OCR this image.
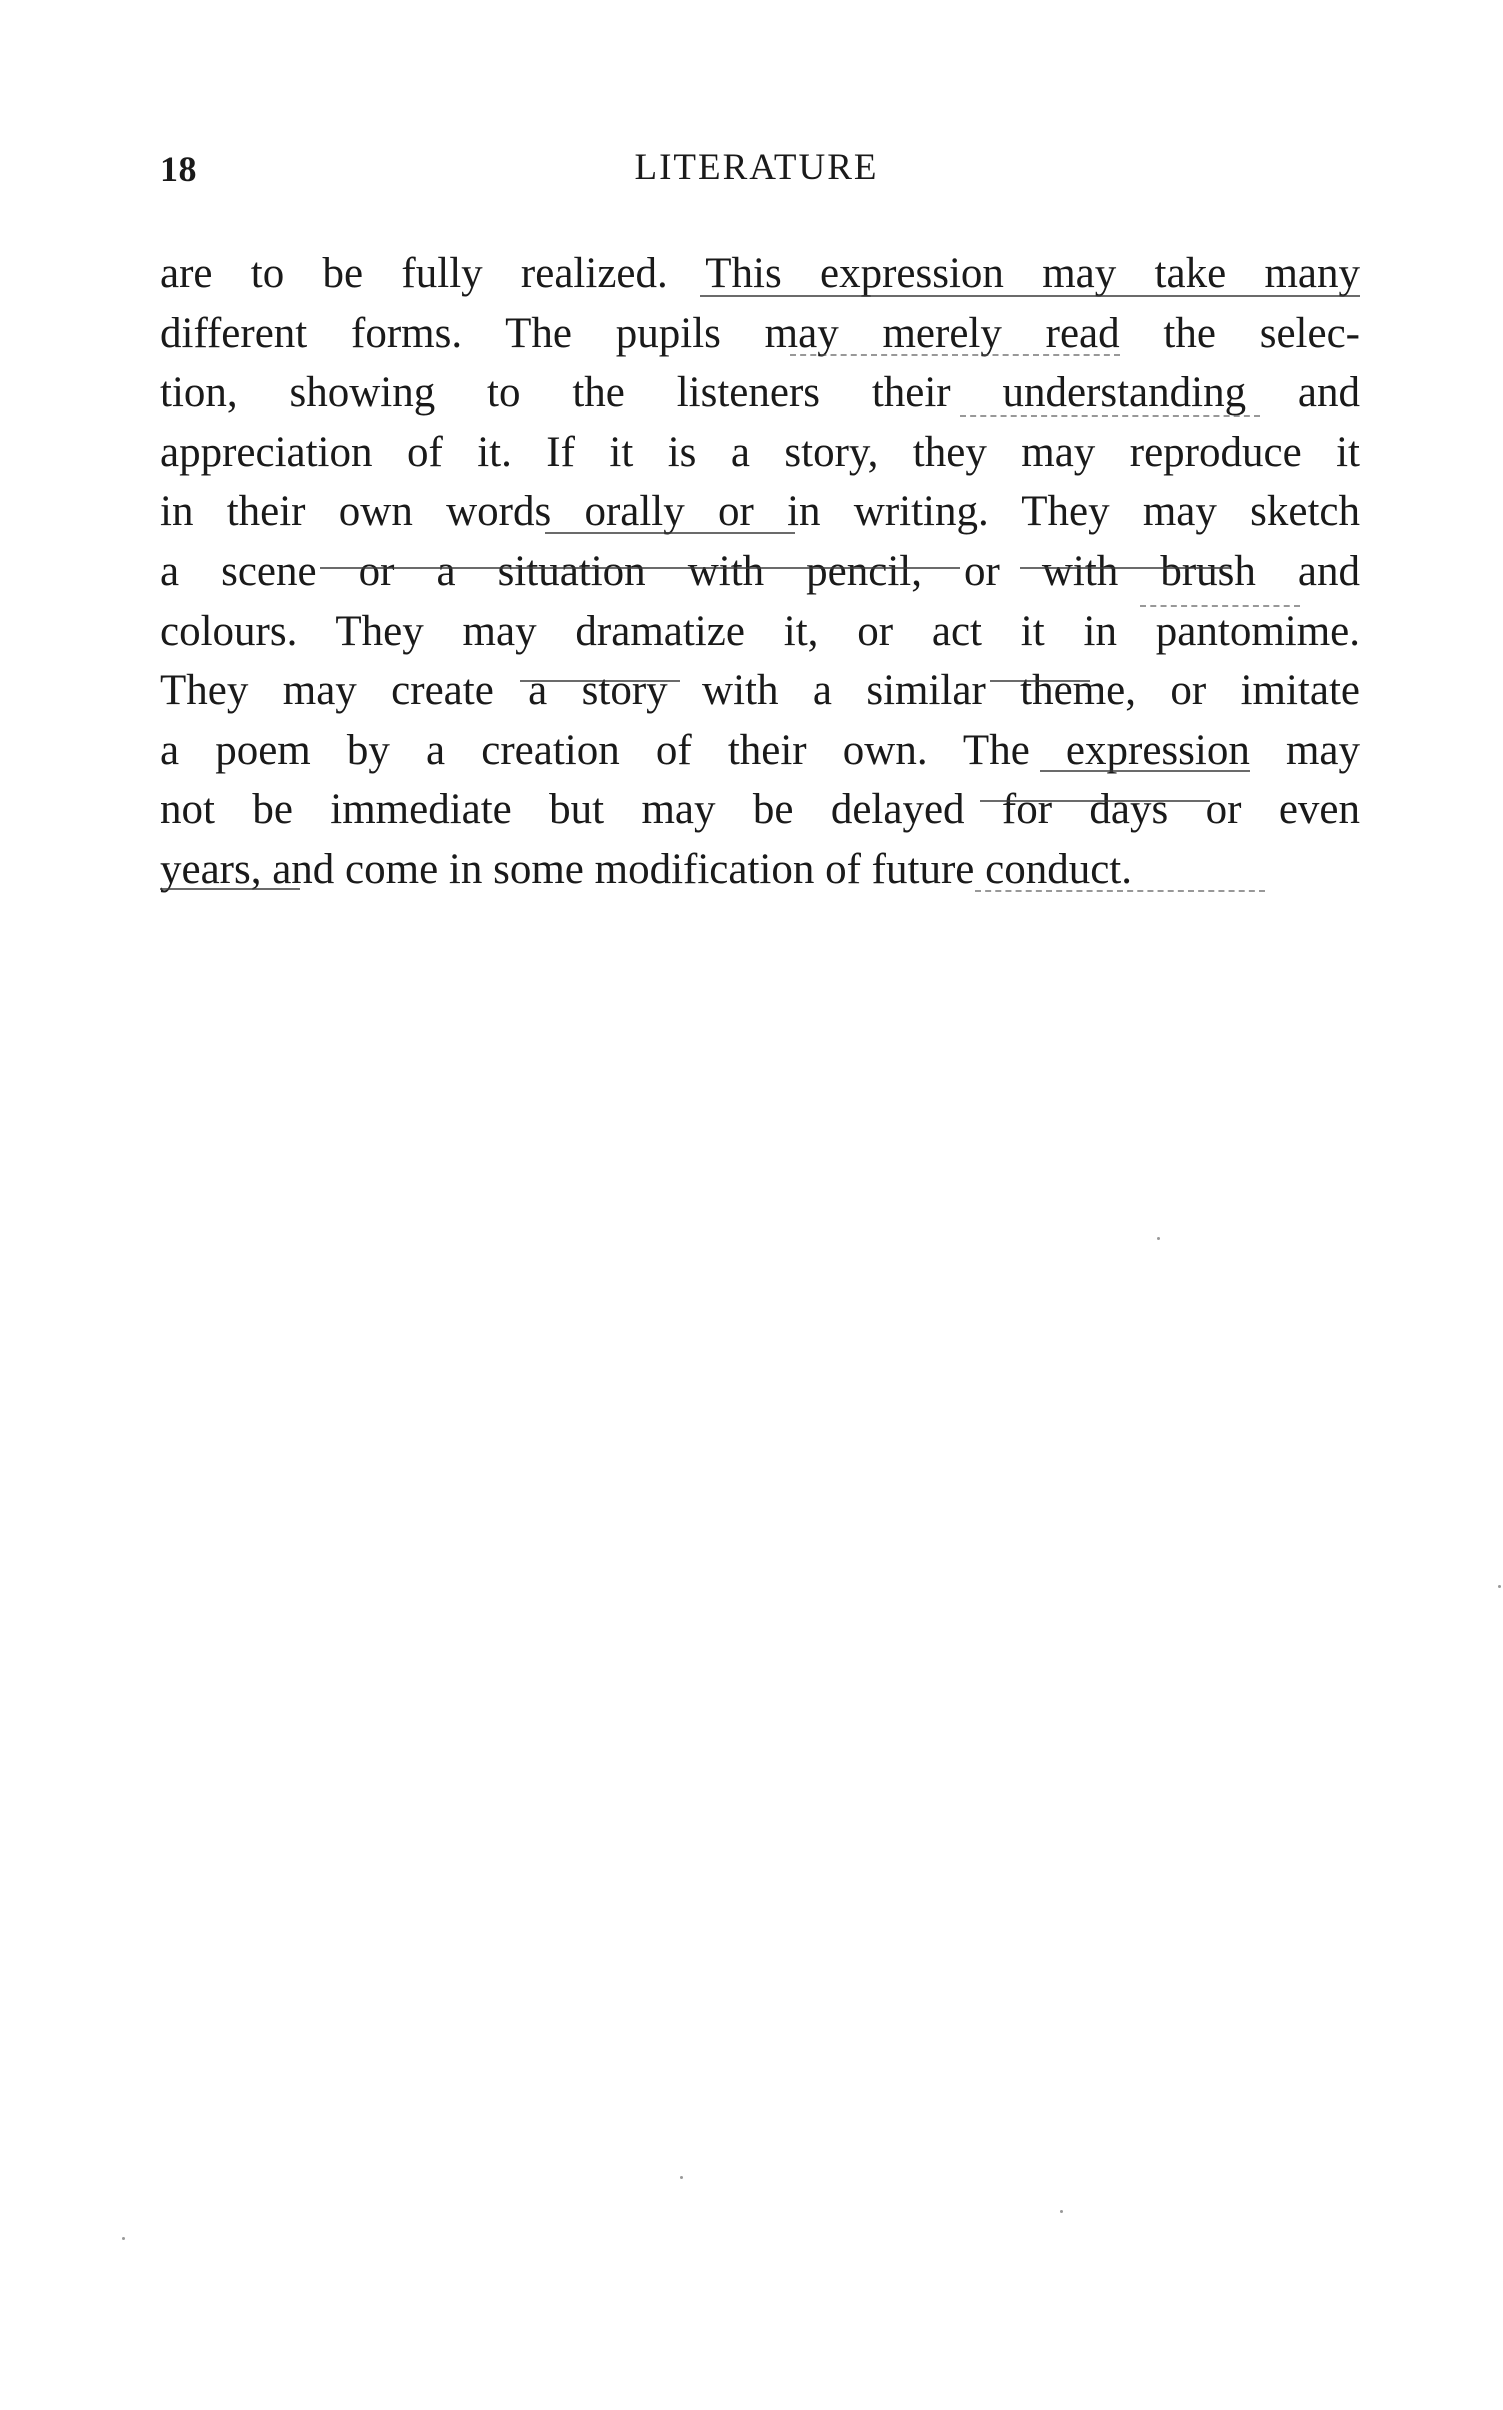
18	LITERATURE
are to be fully realized. This expression may take many
different forms. The pupils may merely read the selec-
tion, showing to the listeners their understanding and
appreciation of it. If it is a story, they may reproduce it
in their own words orally or in writing. They may sketch
a scene or a situation with pencil, or with brush and
colours. They may dramatize it, or act it in pantomime.
They may create a story with a similar theme, or imitate
a poem by a creation of their own. The expression may
not be immediate but may be delayed for days or even
years, and come in some modification of future conduct.
